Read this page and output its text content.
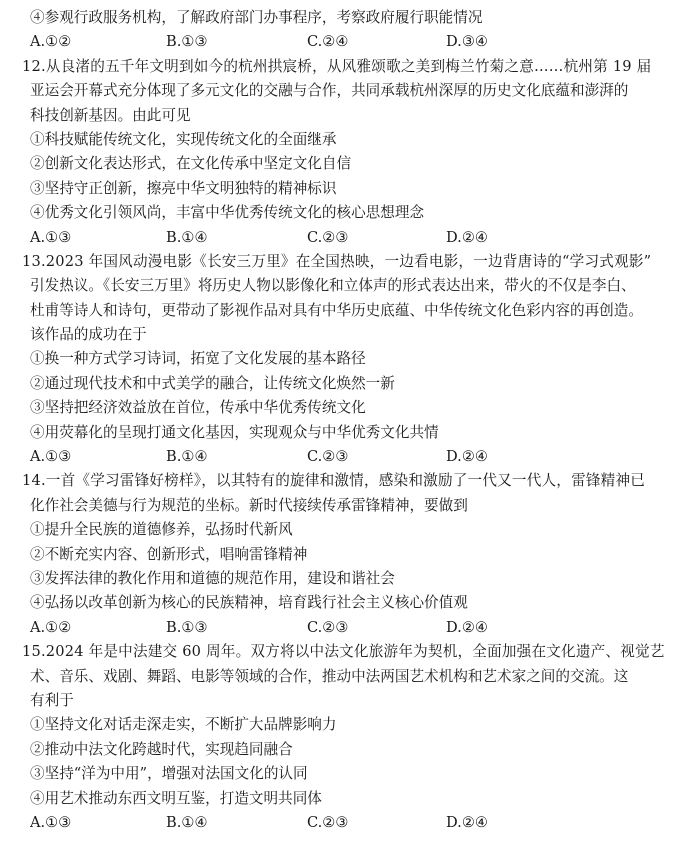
④参观行政服务机构，了解政府部门办事程序，考察政府履行职能情况
A.①②	B.①③	C.②④	D.③④
12.从良渚的五千年文明到如今的杭州拱宸桥，从风雅颂歌之美到梅兰竹菊之意……杭州第 19 届
亚运会开幕式充分体现了多元文化的交融与合作，共同承载杭州深厚的历史文化底蕴和澎湃的
科技创新基因。由此可见
①科技赋能传统文化，实现传统文化的全面继承
②创新文化表达形式，在文化传承中坚定文化自信
③坚持守正创新，擦亮中华文明独特的精神标识
④优秀文化引领风尚，丰富中华优秀传统文化的核心思想理念
A.①③	B.①④	C.②③	D.②④
13.2023 年国风动漫电影《长安三万里》在全国热映，一边看电影，一边背唐诗的“学习式观影”
引发热议。《长安三万里》将历史人物以影像化和立体声的形式表达出来，带火的不仅是李白、
杜甫等诗人和诗句，更带动了影视作品对具有中华历史底蕴、中华传统文化色彩内容的再创造。
该作品的成功在于
①换一种方式学习诗词，拓宽了文化发展的基本路径
②通过现代技术和中式美学的融合，让传统文化焕然一新
③坚持把经济效益放在首位，传承中华优秀传统文化
④用荧幕化的呈现打通文化基因，实现观众与中华优秀文化共情
A.①③	B.①④	C.②③	D.②④
14.一首《学习雷锋好榜样》，以其特有的旋律和激情，感染和激励了一代又一代人，雷锋精神已
化作社会美德与行为规范的坐标。新时代接续传承雷锋精神，要做到
①提升全民族的道德修养，弘扬时代新风
②不断充实内容、创新形式，唱响雷锋精神
③发挥法律的教化作用和道德的规范作用，建设和谐社会
④弘扬以改革创新为核心的民族精神，培育践行社会主义核心价值观
A.①②	B.①③	C.②③	D.②④
15.2024 年是中法建交 60 周年。双方将以中法文化旅游年为契机，全面加强在文化遗产、视觉艺
术、音乐、戏剧、舞蹈、电影等领域的合作，推动中法两国艺术机构和艺术家之间的交流。这
有利于
①坚持文化对话走深走实，不断扩大品牌影响力
②推动中法文化跨越时代，实现趋同融合
③坚持“洋为中用”，增强对法国文化的认同
④用艺术推动东西文明互鉴，打造文明共同体
A.①③	B.①④	C.②③	D.②④
